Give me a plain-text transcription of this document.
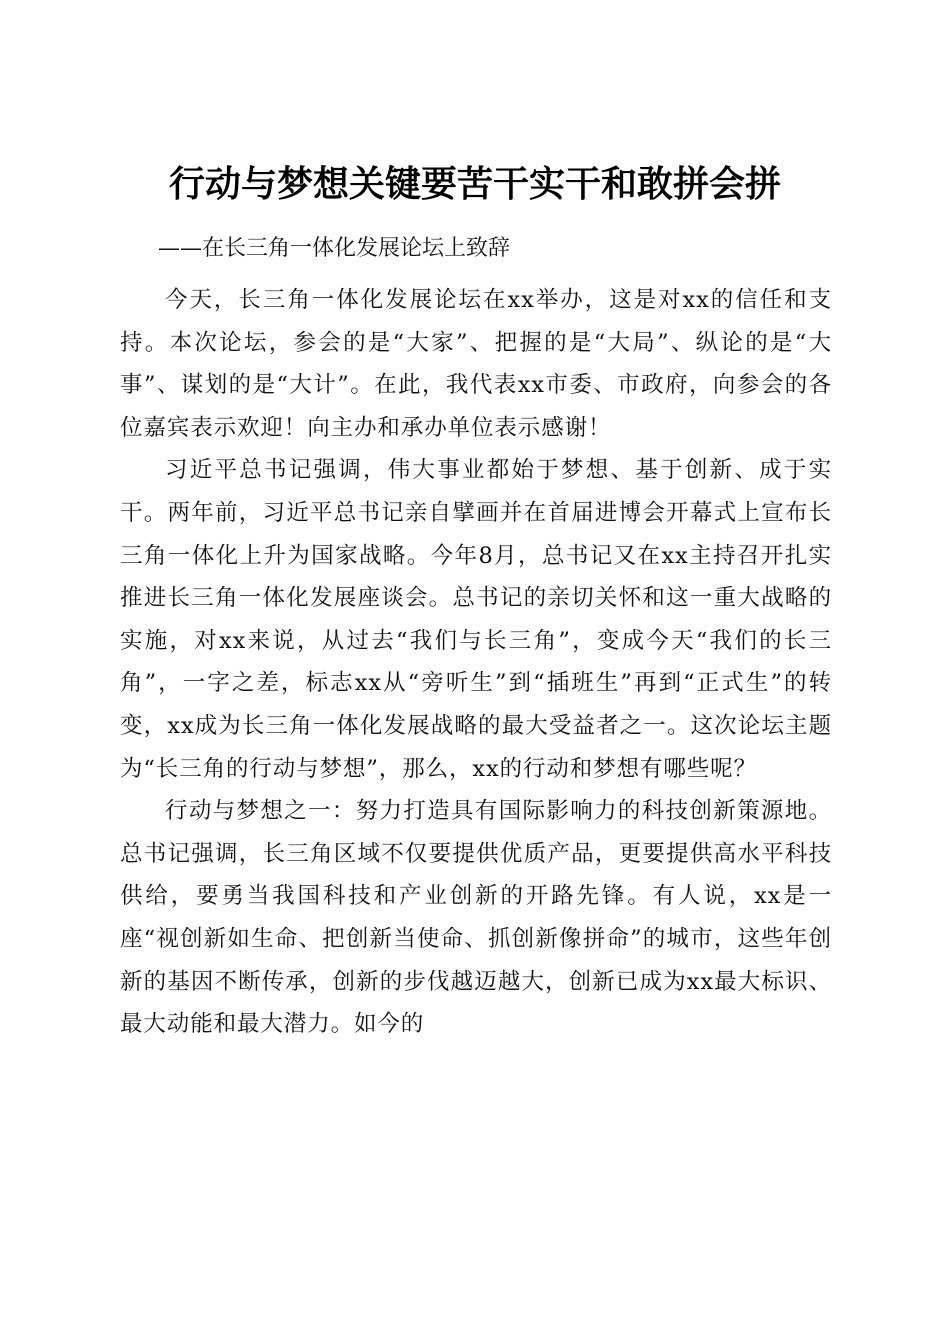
行动与梦想关键要苦干实干和敢拼会拼
——在长三角一体化发展论坛上致辞

今天，长三角一体化发展论坛在xx举办，这是对xx的信任和支持。本次论坛，参会的是“大家”、把握的是“大局”、纵论的是“大事”、谋划的是“大计”。在此，我代表xx市委、市政府，向参会的各位嘉宾表示欢迎！向主办和承办单位表示感谢！

习近平总书记强调，伟大事业都始于梦想、基于创新、成于实干。两年前，习近平总书记亲自擘画并在首届进博会开幕式上宣布长三角一体化上升为国家战略。今年8月，总书记又在xx主持召开扎实推进长三角一体化发展座谈会。总书记的亲切关怀和这一重大战略的实施，对xx来说，从过去“我们与长三角”，变成今天“我们的长三角”，一字之差，标志xx从“旁听生”到“插班生”再到“正式生”的转变，xx成为长三角一体化发展战略的最大受益者之一。这次论坛主题为“长三角的行动与梦想”，那么，xx的行动和梦想有哪些呢？

行动与梦想之一：努力打造具有国际影响力的科技创新策源地。总书记强调，长三角区域不仅要提供优质产品，更要提供高水平科技供给，要勇当我国科技和产业创新的开路先锋。有人说，xx是一座“视创新如生命、把创新当使命、抓创新像拼命”的城市，这些年创新的基因不断传承，创新的步伐越迈越大，创新已成为xx最大标识、最大动能和最大潜力。如今的
